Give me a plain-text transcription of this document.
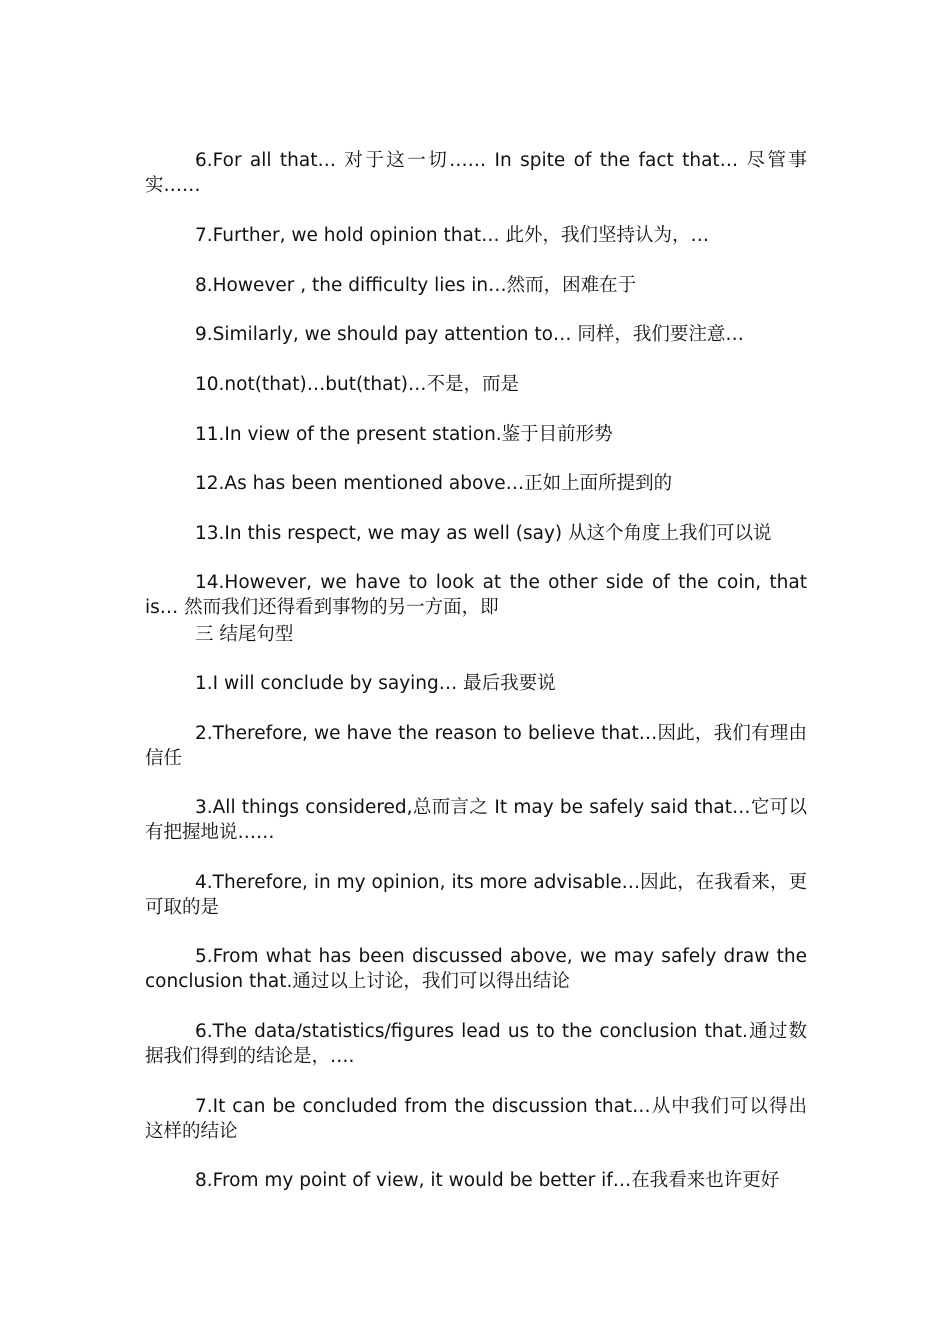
6.For all that… 对于这一切…… In spite of the fact that… 尽管事实……

7.Further, we hold opinion that… 此外，我们坚持认为，…

8.However , the difficulty lies in…然而，困难在于

9.Similarly, we should pay attention to… 同样，我们要注意…

10.not(that)…but(that)…不是，而是

11.In view of the present station.鉴于目前形势

12.As has been mentioned above…正如上面所提到的

13.In this respect, we may as well (say) 从这个角度上我们可以说

14.However, we have to look at the other side of the coin, that is… 然而我们还得看到事物的另一方面，即

三 结尾句型

1.I will conclude by saying… 最后我要说

2.Therefore, we have the reason to believe that…因此，我们有理由信任

3.All things considered,总而言之 It may be safely said that…它可以有把握地说……

4.Therefore, in my opinion, its more advisable…因此，在我看来，更可取的是

5.From what has been discussed above, we may safely draw the conclusion that.通过以上讨论，我们可以得出结论

6.The data/statistics/figures lead us to the conclusion that.通过数据我们得到的结论是，….

7.It can be concluded from the discussion that…从中我们可以得出这样的结论

8.From my point of view, it would be better if…在我看来也许更好
